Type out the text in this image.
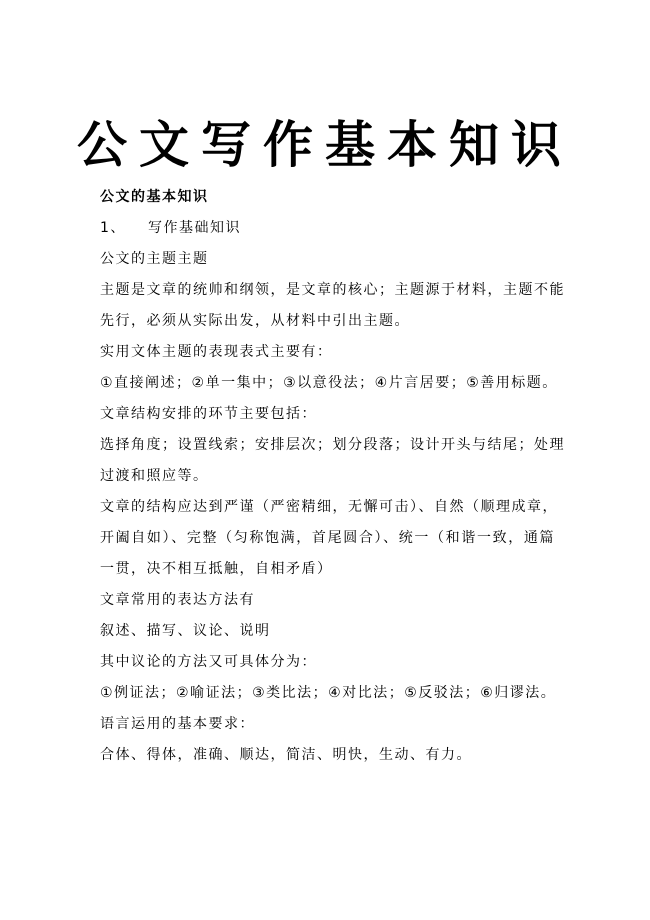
公文写作基本知识
公文的基本知识
1、	写作基础知识
公文的主题主题
主题是文章的统帅和纲领，是文章的核心；主题源于材料，主题不能
先行，必须从实际出发，从材料中引出主题。
实用文体主题的表现表式主要有：
①直接阐述；②单一集中；③以意役法；④片言居要；⑤善用标题。
文章结构安排的环节主要包括：
选择角度；设置线索；安排层次；划分段落；设计开头与结尾；处理
过渡和照应等。
文章的结构应达到严谨（严密精细，无懈可击）、自然（顺理成章，
开阖自如）、完整（匀称饱满，首尾圆合）、统一（和谐一致，通篇
一贯，决不相互抵触，自相矛盾）
文章常用的表达方法有
叙述、描写、议论、说明
其中议论的方法又可具体分为：
①例证法；②喻证法；③类比法；④对比法；⑤反驳法；⑥归谬法。
语言运用的基本要求：
合体、得体，准确、顺达，简洁、明快，生动、有力。
